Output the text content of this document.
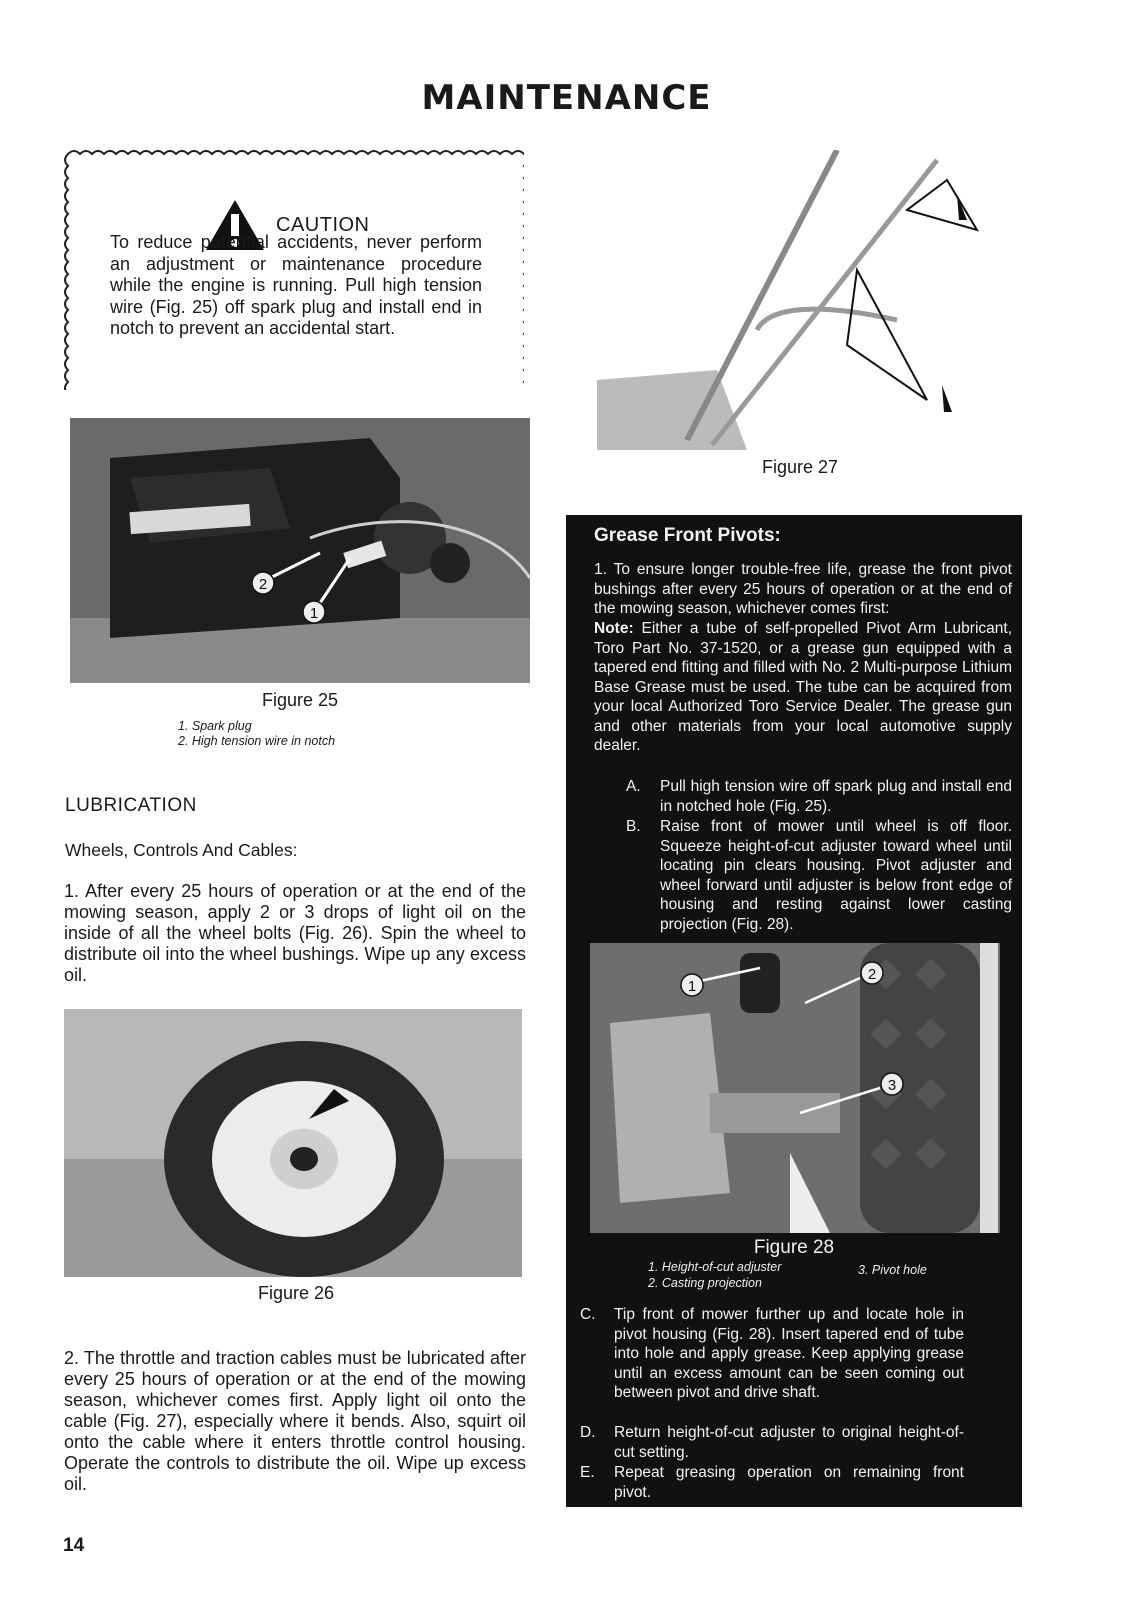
MAINTENANCE
CAUTION
To reduce potential accidents, never perform an adjustment or maintenance procedure while the engine is running. Pull high tension wire (Fig. 25) off spark plug and install end in notch to prevent an accidental start.
2
1
Figure 25
1. Spark plug
2. High tension wire in notch
LUBRICATION
Wheels, Controls And Cables:
1. After every 25 hours of operation or at the end of the mowing season, apply 2 or 3 drops of light oil on the inside of all the wheel bolts (Fig. 26). Spin the wheel to distribute oil into the wheel bushings. Wipe up any excess oil.
Figure 26
2. The throttle and traction cables must be lubricated after every 25 hours of operation or at the end of the mowing season, whichever comes first. Apply light oil onto the cable (Fig. 27), especially where it bends. Also, squirt oil onto the cable where it enters throttle control housing. Operate the controls to distribute the oil. Wipe up excess oil.
Figure 27
Grease Front Pivots:
1. To ensure longer trouble-free life, grease the front pivot bushings after every 25 hours of operation or at the end of the mowing season, whichever comes first:
Note: Either a tube of self-propelled Pivot Arm Lubricant, Toro Part No. 37-1520, or a grease gun equipped with a tapered end fitting and filled with No. 2 Multi-purpose Lithium Base Grease must be used. The tube can be acquired from your local Authorized Toro Service Dealer. The grease gun and other materials from your local automotive supply dealer.
A. Pull high tension wire off spark plug and install end in notched hole (Fig. 25).
B. Raise front of mower until wheel is off floor. Squeeze height-of-cut adjuster toward wheel until locating pin clears housing. Pivot adjuster and wheel forward until adjuster is below front edge of housing and resting against lower casting projection (Fig. 28).
1
2
3
Figure 28
1. Height-of-cut adjuster	3. Pivot hole
2. Casting projection
C. Tip front of mower further up and locate hole in pivot housing (Fig. 28). Insert tapered end of tube into hole and apply grease. Keep applying grease until an excess amount can be seen coming out between pivot and drive shaft.
D. Return height-of-cut adjuster to original height-of-cut setting.
E. Repeat greasing operation on remaining front pivot.
14
